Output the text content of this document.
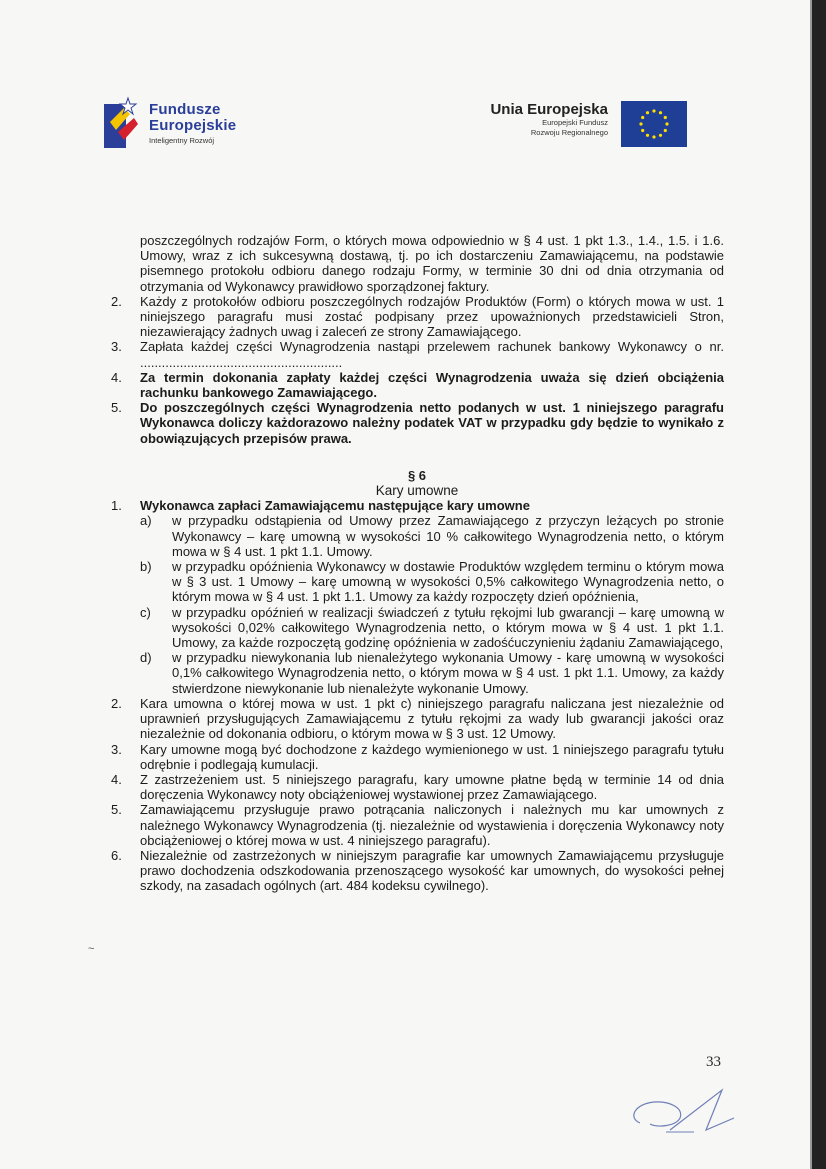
Fundusze
Europejskie
Inteligentny Rozwój
Unia Europejska
Europejski Fundusz
Rozwoju Regionalnego
poszczególnych rodzajów Form, o których mowa odpowiednio w § 4 ust. 1 pkt 1.3., 1.4., 1.5. i 1.6. Umowy, wraz z ich sukcesywną dostawą, tj. po ich dostarczeniu Zamawiającemu, na podstawie pisemnego protokołu odbioru danego rodzaju Formy, w terminie 30 dni od dnia otrzymania od otrzymania od Wykonawcy prawidłowo sporządzonej faktury.
2. Każdy z protokołów odbioru poszczególnych rodzajów Produktów (Form) o których mowa w ust. 1 niniejszego paragrafu musi zostać podpisany przez upoważnionych przedstawicieli Stron, niezawierający żadnych uwag i zaleceń ze strony Zamawiającego.
3. Zapłata każdej części Wynagrodzenia nastąpi przelewem rachunek bankowy Wykonawcy o nr. ........................................................
4. Za termin dokonania zapłaty każdej części Wynagrodzenia uważa się dzień obciążenia rachunku bankowego Zamawiającego.
5. Do poszczególnych części Wynagrodzenia netto podanych w ust. 1 niniejszego paragrafu Wykonawca doliczy każdorazowo należny podatek VAT w przypadku gdy będzie to wynikało z obowiązujących przepisów prawa.
§ 6
Kary umowne
1. Wykonawca zapłaci Zamawiającemu następujące kary umowne
a) w przypadku odstąpienia od Umowy przez Zamawiającego z przyczyn leżących po stronie Wykonawcy – karę umowną w wysokości 10 % całkowitego Wynagrodzenia netto, o którym mowa w § 4 ust. 1 pkt 1.1. Umowy.
b) w przypadku opóźnienia Wykonawcy w dostawie Produktów względem terminu o którym mowa w § 3 ust. 1 Umowy – karę umowną w wysokości 0,5% całkowitego Wynagrodzenia netto, o którym mowa w § 4 ust. 1 pkt 1.1. Umowy za każdy rozpoczęty dzień opóźnienia,
c) w przypadku opóźnień w realizacji świadczeń z tytułu rękojmi lub gwarancji – karę umowną w wysokości 0,02% całkowitego Wynagrodzenia netto, o którym mowa w § 4 ust. 1 pkt 1.1. Umowy, za każde rozpoczętą godzinę opóźnienia w zadośćuczynieniu żądaniu Zamawiającego,
d) w przypadku niewykonania lub nienależytego wykonania Umowy - karę umowną w wysokości 0,1% całkowitego Wynagrodzenia netto, o którym mowa w § 4 ust. 1 pkt 1.1. Umowy, za każdy stwierdzone niewykonanie lub nienależyte wykonanie Umowy.
2. Kara umowna o której mowa w ust. 1 pkt c) niniejszego paragrafu naliczana jest niezależnie od uprawnień przysługujących Zamawiającemu z tytułu rękojmi za wady lub gwarancji jakości oraz niezależnie od dokonania odbioru, o którym mowa w § 3 ust. 12 Umowy.
3. Kary umowne mogą być dochodzone z każdego wymienionego w ust. 1 niniejszego paragrafu tytułu odrębnie i podlegają kumulacji.
4. Z zastrzeżeniem ust. 5 niniejszego paragrafu, kary umowne płatne będą w terminie 14 od dnia doręczenia Wykonawcy noty obciążeniowej wystawionej przez Zamawiającego.
5. Zamawiającemu przysługuje prawo potrącania naliczonych i należnych mu kar umownych z należnego Wykonawcy Wynagrodzenia (tj. niezależnie od wystawienia i doręczenia Wykonawcy noty obciążeniowej o której mowa w ust. 4 niniejszego paragrafu).
6. Niezależnie od zastrzeżonych w niniejszym paragrafie kar umownych Zamawiającemu przysługuje prawo dochodzenia odszkodowania przenoszącego wysokość kar umownych, do wysokości pełnej szkody, na zasadach ogólnych (art. 484 kodeksu cywilnego).
~
33
